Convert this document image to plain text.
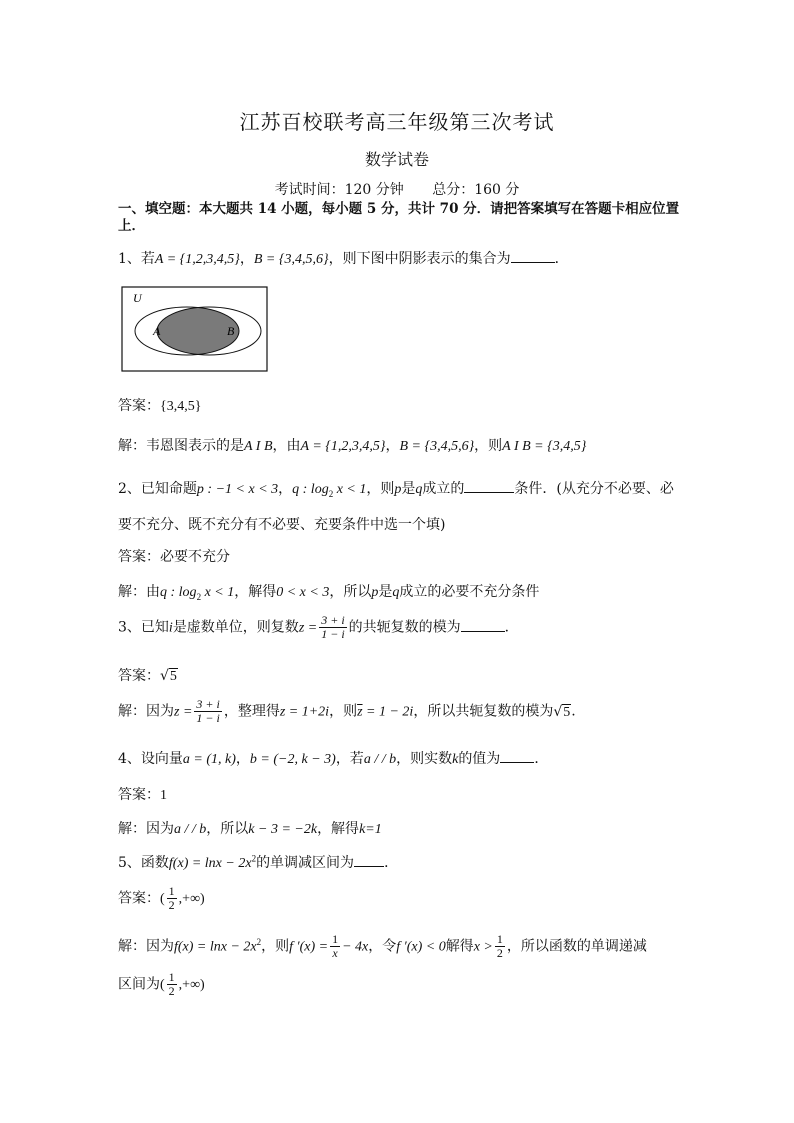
江苏百校联考高三年级第三次考试
数学试卷
考试时间：120 分钟 总分：160 分
一、填空题：本大题共 14 小题，每小题 5 分，共计 70 分．请把答案填写在答题卡相应位置上．
1、若A = {1,2,3,4,5}，B = {3,4,5,6}，则下图中阴影表示的集合为	．
U
A	B
答案：{3,4,5}
解：韦恩图表示的是A I B，由A = {1,2,3,4,5}，B = {3,4,5,6}，则A I B = {3,4,5}
2、已知命题p : −1 < x < 3，q : $\log_2 x < 1$，则p是q成立的	条件．(从充分不必要、必
要不充分、既不充分有不必要、充要条件中选一个填)
答案：必要不充分
解：由q : $\log_2 x < 1$，解得0 < x < 3，所以p是q成立的必要不充分条件
3、已知i是虚数单位，则复数$z = \frac{3 + i}{1 - i}$ 的共轭复数的模为	．
答案：√5
解：因为$z = \frac{3 + i}{1 - i}$ ，整理得z = 1+2i，则$\overline{z} = 1 - 2i$，所以共轭复数的模为√5.
4、设向量a = (1, k)，b = (−2, k − 3)，若a / / b，则实数k的值为 ．
答案：1
解：因为a / / b，所以k − 3 = −2k，解得k=1
5、函数$f(x) = \ln x - 2x^2$的单调减区间为 ．
答案：( $\frac{1}{2}$ ,+∞)
解：因为$f(x) = \ln x - 2x^2$，则f $'(x) = \frac{1}{x} - 4x$，令f ′(x) < 0解得$x > \frac{1}{2}$ ，所以函数的单调递减
区间为( $\frac{1}{2}$ ,+∞)
